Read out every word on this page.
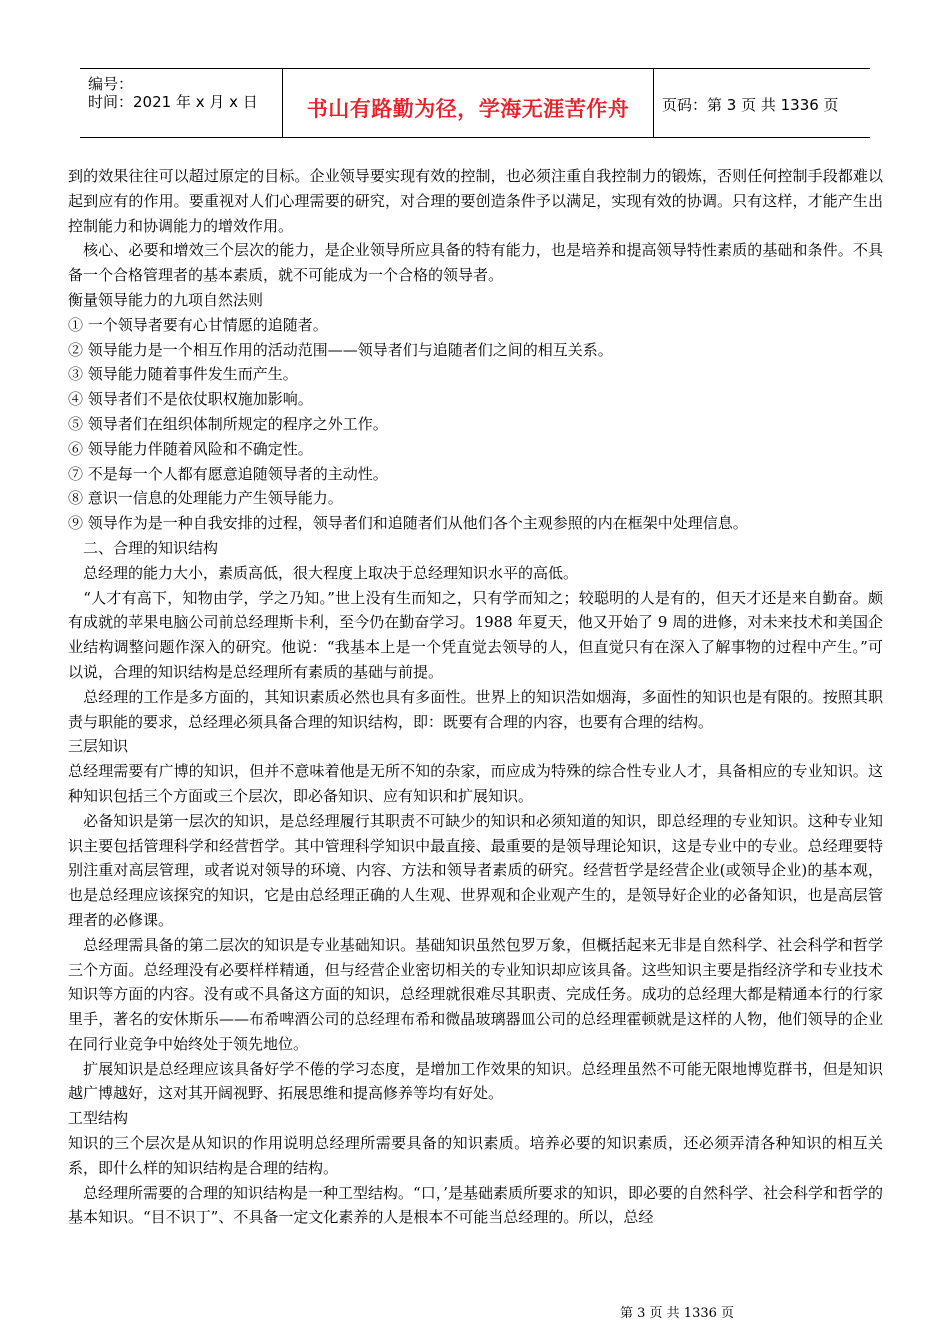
编号：
时间：2021 年 x 月 x 日	书山有路勤为径，学海无涯苦作舟	页码：第 3 页 共 1336 页

到的效果往往可以超过原定的目标。企业领导要实现有效的控制，也必须注重自我控制力的锻炼，否则任何控制手段都难以起到应有的作用。要重视对人们心理需要的研究，对合理的要创造条件予以满足，实现有效的协调。只有这样，才能产生出控制能力和协调能力的增效作用。

　核心、必要和增效三个层次的能力，是企业领导所应具备的特有能力，也是培养和提高领导特性素质的基础和条件。不具备一个合格管理者的基本素质，就不可能成为一个合格的领导者。

衡量领导能力的九项自然法则

① 一个领导者要有心甘情愿的追随者。

② 领导能力是一个相互作用的活动范围——领导者们与追随者们之间的相互关系。

③ 领导能力随着事件发生而产生。

④ 领导者们不是依仗职权施加影响。

⑤ 领导者们在组织体制所规定的程序之外工作。

⑥ 领导能力伴随着风险和不确定性。

⑦ 不是每一个人都有愿意追随领导者的主动性。

⑧ 意识一信息的处理能力产生领导能力。

⑨ 领导作为是一种自我安排的过程，领导者们和追随者们从他们各个主观参照的内在框架中处理信息。

　二、合理的知识结构

　总经理的能力大小，素质高低，很大程度上取决于总经理知识水平的高低。

　“人才有高下，知物由学，学之乃知。”世上没有生而知之，只有学而知之；较聪明的人是有的，但天才还是来自勤奋。颇有成就的苹果电脑公司前总经理斯卡利，至今仍在勤奋学习。1988 年夏天，他又开始了 9 周的进修，对未来技术和美国企业结构调整问题作深入的研究。他说：“我基本上是一个凭直觉去领导的人，但直觉只有在深入了解事物的过程中产生。”可以说，合理的知识结构是总经理所有素质的基础与前提。

　总经理的工作是多方面的，其知识素质必然也具有多面性。世界上的知识浩如烟海，多面性的知识也是有限的。按照其职责与职能的要求，总经理必须具备合理的知识结构，即：既要有合理的内容，也要有合理的结构。

三层知识

总经理需要有广博的知识，但并不意味着他是无所不知的杂家，而应成为特殊的综合性专业人才，具备相应的专业知识。这种知识包括三个方面或三个层次，即必备知识、应有知识和扩展知识。

　必备知识是第一层次的知识，是总经理履行其职责不可缺少的知识和必须知道的知识，即总经理的专业知识。这种专业知识主要包括管理科学和经营哲学。其中管理科学知识中最直接、最重要的是领导理论知识，这是专业中的专业。总经理要特别注重对高层管理，或者说对领导的环境、内容、方法和领导者素质的研究。经营哲学是经营企业(或领导企业)的基本观，也是总经理应该探究的知识，它是由总经理正确的人生观、世界观和企业观产生的，是领导好企业的必备知识，也是高层管理者的必修课。

　总经理需具备的第二层次的知识是专业基础知识。基础知识虽然包罗万象，但概括起来无非是自然科学、社会科学和哲学三个方面。总经理没有必要样样精通，但与经营企业密切相关的专业知识却应该具备。这些知识主要是指经济学和专业技术知识等方面的内容。没有或不具备这方面的知识，总经理就很难尽其职责、完成任务。成功的总经理大都是精通本行的行家里手，著名的安休斯乐——布希啤酒公司的总经理布希和微晶玻璃器皿公司的总经理霍顿就是这样的人物，他们领导的企业在同行业竞争中始终处于领先地位。

　扩展知识是总经理应该具备好学不倦的学习态度，是增加工作效果的知识。总经理虽然不可能无限地博览群书，但是知识越广博越好，这对其开阔视野、拓展思维和提高修养等均有好处。

工型结构

知识的三个层次是从知识的作用说明总经理所需要具备的知识素质。培养必要的知识素质，还必须弄清各种知识的相互关系，即什么样的知识结构是合理的结构。

　总经理所需要的合理的知识结构是一种工型结构。“口，’是基础素质所要求的知识，即必要的自然科学、社会科学和哲学的基本知识。“目不识丁”、不具备一定文化素养的人是根本不可能当总经理的。所以，总经

第 3 页 共 1336 页
